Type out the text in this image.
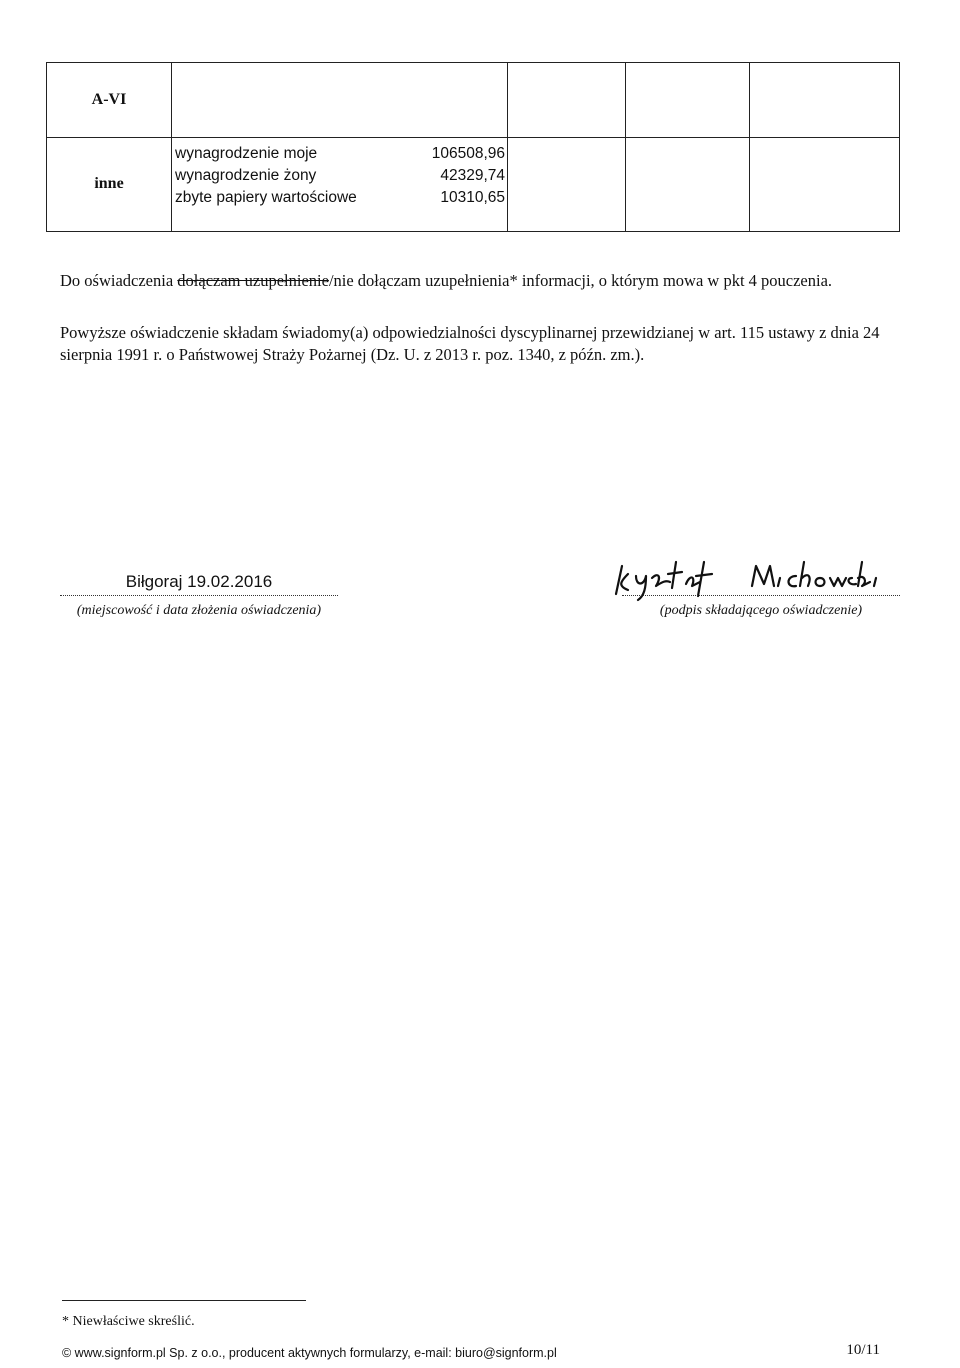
A-VI
inne
wynagrodzenie moje
wynagrodzenie żony
zbyte papiery wartościowe
106508,96
42329,74
10310,65
Do oświadczenia dołączam uzupełnienie/nie dołączam uzupełnienia* informacji, o którym mowa w pkt 4 pouczenia.
Powyższe oświadczenie składam świadomy(a) odpowiedzialności dyscyplinarnej przewidzianej w art. 115 ustawy z dnia 24 sierpnia 1991 r. o Państwowej Straży Pożarnej (Dz. U. z 2013 r. poz. 1340, z późn. zm.).
Biłgoraj 19.02.2016
(miejscowość i data złożenia oświadczenia)	(podpis składającego oświadczenie)
* Niewłaściwe skreślić.
© www.signform.pl Sp. z o.o., producent aktywnych formularzy, e-mail: biuro@signform.pl	10/11
